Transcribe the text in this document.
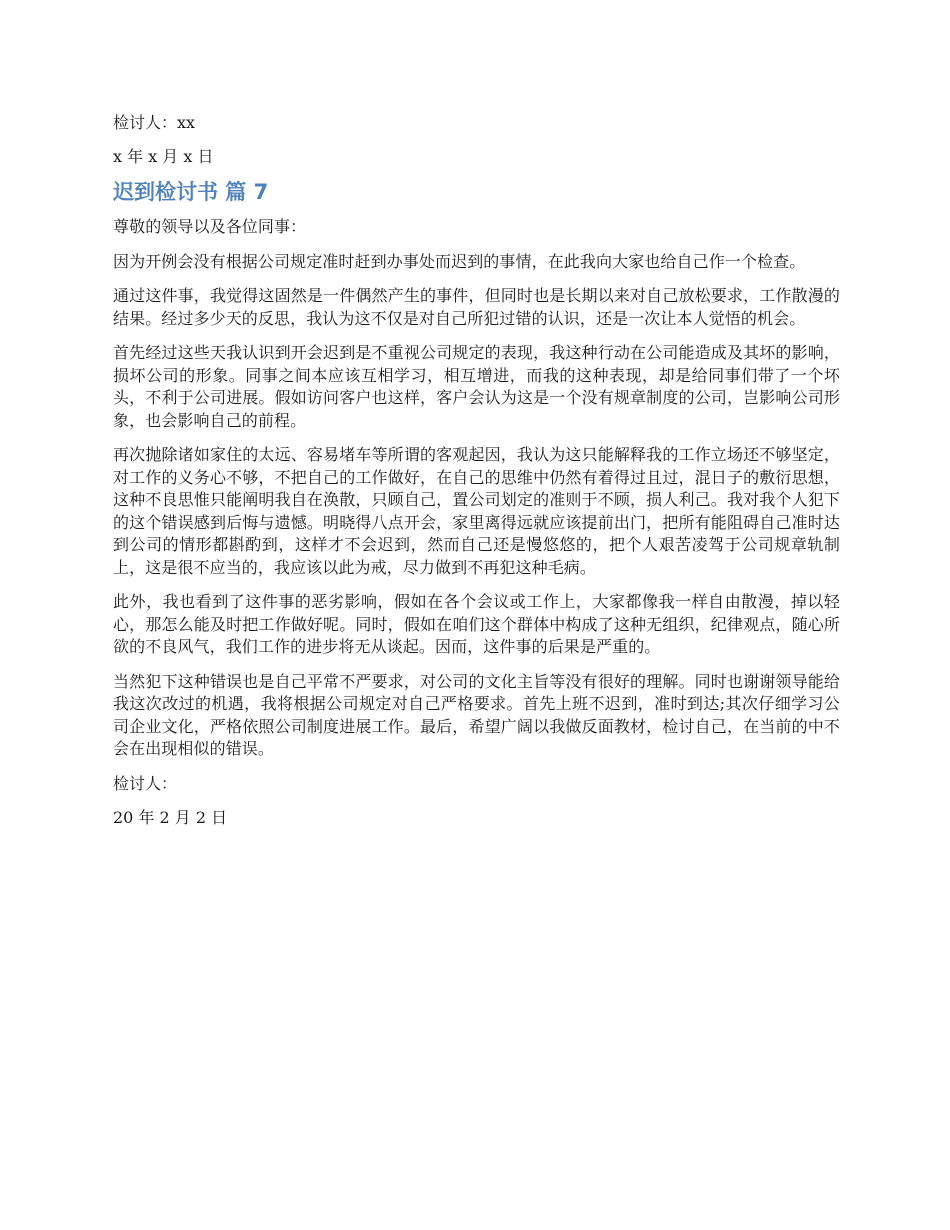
检讨人：xx

x 年 x 月 x 日

迟到检讨书 篇 7

尊敬的领导以及各位同事：

因为开例会没有根据公司规定准时赶到办事处而迟到的事情，在此我向大家也给自己作一个检查。

通过这件事，我觉得这固然是一件偶然产生的事件，但同时也是长期以来对自己放松要求，工作散漫的结果。经过多少天的反思，我认为这不仅是对自己所犯过错的认识，还是一次让本人觉悟的机会。

首先经过这些天我认识到开会迟到是不重视公司规定的表现，我这种行动在公司能造成及其坏的影响，损坏公司的形象。同事之间本应该互相学习，相互增进，而我的这种表现，却是给同事们带了一个坏头，不利于公司进展。假如访问客户也这样，客户会认为这是一个没有规章制度的公司，岂影响公司形象，也会影响自己的前程。

再次抛除诸如家住的太远、容易堵车等所谓的客观起因，我认为这只能解释我的工作立场还不够坚定，对工作的义务心不够，不把自己的工作做好，在自己的思维中仍然有着得过且过，混日子的敷衍思想，这种不良思惟只能阐明我自在涣散，只顾自己，置公司划定的准则于不顾，损人利己。我对我个人犯下的这个错误感到后悔与遗憾。明晓得八点开会，家里离得远就应该提前出门，把所有能阻碍自己准时达到公司的情形都斟酌到，这样才不会迟到，然而自己还是慢悠悠的，把个人艰苦凌驾于公司规章轨制上，这是很不应当的，我应该以此为戒，尽力做到不再犯这种毛病。

此外，我也看到了这件事的恶劣影响，假如在各个会议或工作上，大家都像我一样自由散漫，掉以轻心，那怎么能及时把工作做好呢。同时，假如在咱们这个群体中构成了这种无组织，纪律观点，随心所欲的不良风气，我们工作的进步将无从谈起。因而，这件事的后果是严重的。

当然犯下这种错误也是自己平常不严要求，对公司的文化主旨等没有很好的理解。同时也谢谢领导能给我这次改过的机遇，我将根据公司规定对自己严格要求。首先上班不迟到，准时到达;其次仔细学习公司企业文化，严格依照公司制度进展工作。最后，希望广阔以我做反面教材，检讨自己，在当前的中不会在出现相似的错误。

检讨人：

20 年 2 月 2 日
